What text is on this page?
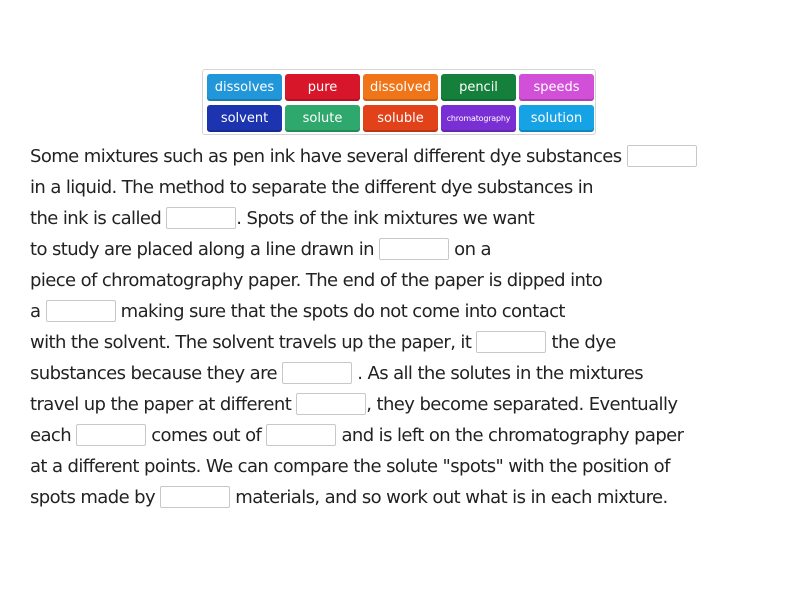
dissolves	pure	dissolved	pencil	speeds
solvent	solute	soluble	chromatography	solution
Some mixtures such as pen ink have several different dye substances
in a liquid. The method to separate the different dye substances in
the ink is called	. Spots of the ink mixtures we want
to study are placed along a line drawn in	on a
piece of chromatography paper. The end of the paper is dipped into
a	making sure that the spots do not come into contact
with the solvent. The solvent travels up the paper, it	the dye
substances because they are	. As all the solutes in the mixtures
travel up the paper at different	, they become separated. Eventually
each	comes out of	and is left on the chromatography paper
at a different points. We can compare the solute "spots" with the position of
spots made by	materials, and so work out what is in each mixture.
